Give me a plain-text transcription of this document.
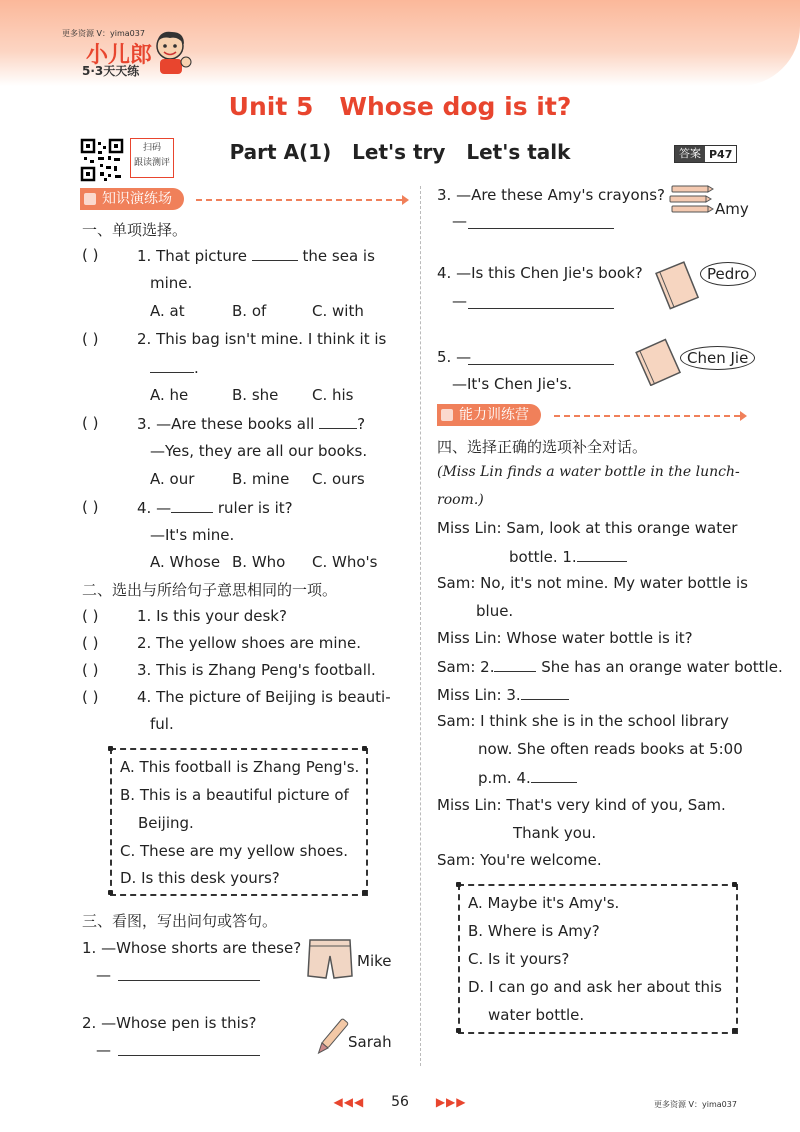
更多资源 V：yima037
小儿郎
5·3天天练
Unit 5 Whose dog is it?
Part A(1)   Let's try   Let's talk
扫码
跟读测评
答案 P47
知识演练场
一、单项选择。
( )	1. That picture	the sea is
mine.
A. at	B. of	C. with
( )	2. This bag isn't mine. I think it is
.
A. he	B. she C. his
( )	3. —Are these books all	?
—Yes, they are all our books.
A. our	B. mine C. ours
( )	4. —	ruler is it?
—It's mine.
A. Whose B. Who C. Who's
二、选出与所给句子意思相同的一项。
( )	1. Is this your desk?
( )	2. The yellow shoes are mine.
( )	3. This is Zhang Peng's football.
( )	4. The picture of Beijing is beauti-
ful.
A. This football is Zhang Peng's.
B. This is a beautiful picture of
Beijing.
C. These are my yellow shoes.
D. Is this desk yours?
三、看图，写出问句或答句。
1. —Whose shorts are these?
—
Mike
2. —Whose pen is this?
—	Sarah
3. —Are these Amy's crayons?
—
Amy
4. —Is this Chen Jie's book?
—
Pedro
5. —
—It's Chen Jie's.
Chen Jie
能力训练营
四、选择正确的选项补全对话。
(Miss Lin finds a water bottle in the lunch-
room.)
Miss Lin: Sam, look at this orange water
bottle. 1.
Sam: No, it's not mine. My water bottle is
blue.
Miss Lin: Whose water bottle is it?
Sam: 2.	She has an orange water bottle.
Miss Lin: 3.
Sam: I think she is in the school library
now. She often reads books at 5:00
p.m. 4.
Miss Lin: That's very kind of you, Sam.
Thank you.
Sam: You're welcome.
A. Maybe it's Amy's.
B. Where is Amy?
C. Is it yours?
D. I can go and ask her about this
water bottle.
◀◀◀ 56 ▶▶▶	更多资源 V：yima037
